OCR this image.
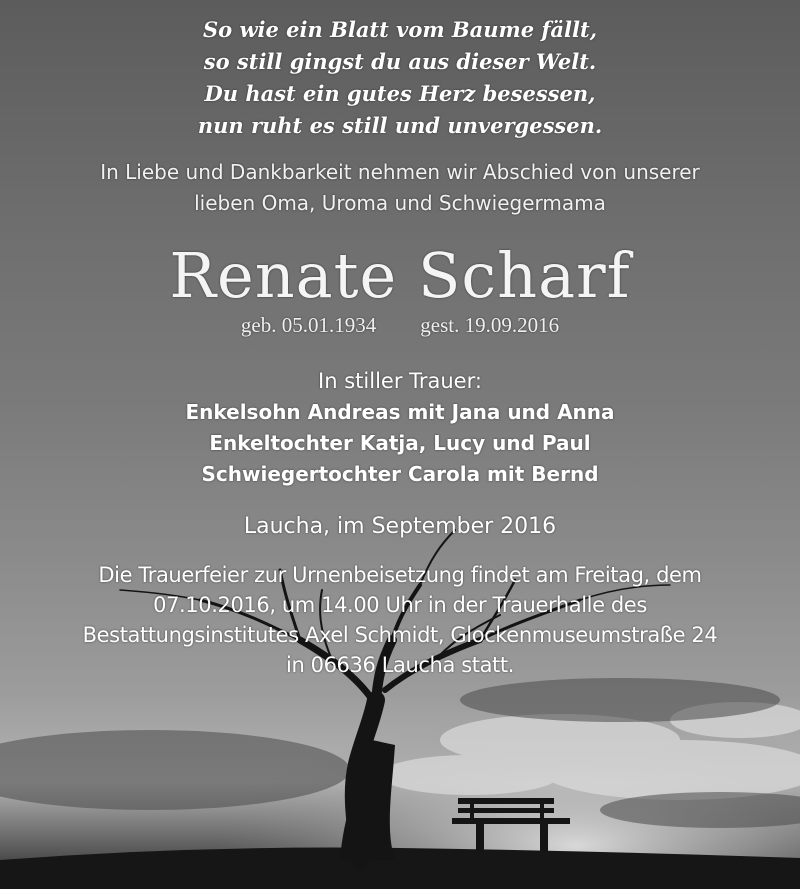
So wie ein Blatt vom Baume fällt,
so still gingst du aus dieser Welt.
Du hast ein gutes Herz besessen,
nun ruht es still und unvergessen.
In Liebe und Dankbarkeit nehmen wir Abschied von unserer
lieben Oma, Uroma und Schwiegermama
Renate Scharf
geb. 05.01.1934 gest. 19.09.2016
In stiller Trauer:
Enkelsohn Andreas mit Jana und Anna
Enkeltochter Katja, Lucy und Paul
Schwiegertochter Carola mit Bernd
Laucha, im September 2016
Die Trauerfeier zur Urnenbeisetzung findet am Freitag, dem
07.10.2016, um 14.00 Uhr in der Trauerhalle des
Bestattungsinstitutes Axel Schmidt, Glockenmuseumstraße 24
in 06636 Laucha statt.
